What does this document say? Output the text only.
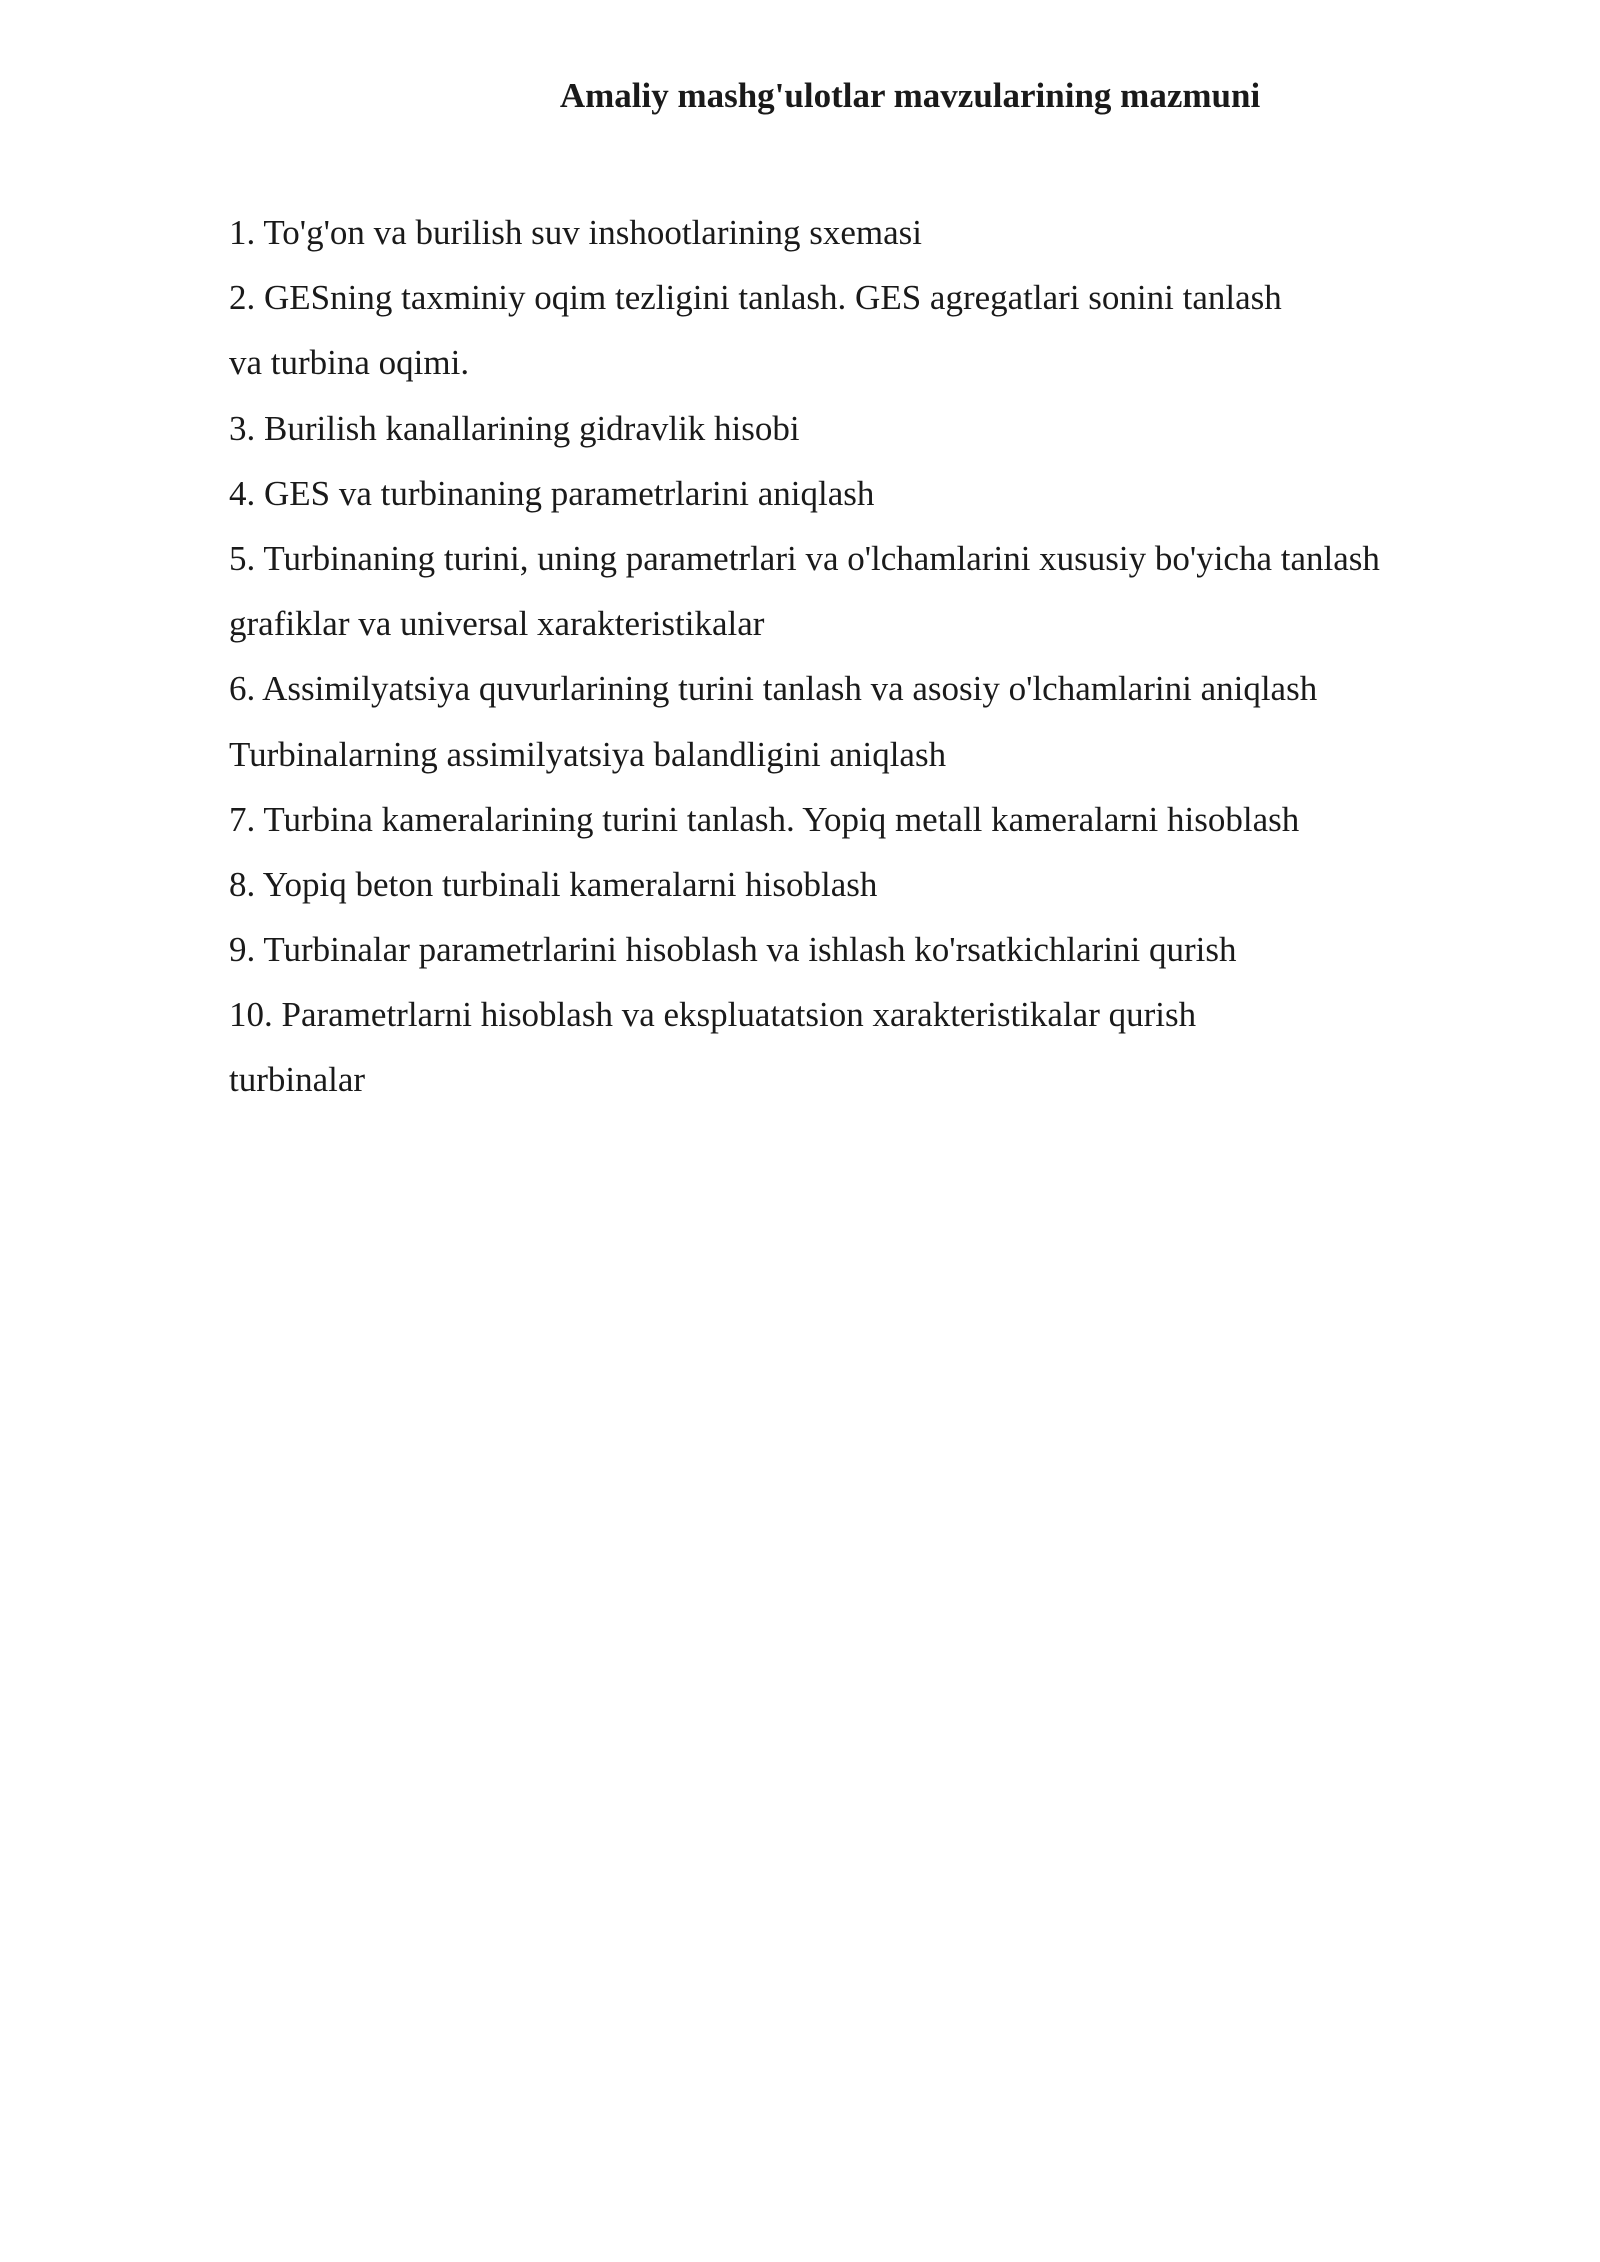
Amaliy mashg'ulotlar mavzularining mazmuni
1. To'g'on va burilish suv inshootlarining sxemasi
2. GESning taxminiy oqim tezligini tanlash. GES agregatlari sonini tanlash
va turbina oqimi.
3. Burilish kanallarining gidravlik hisobi
4. GES va turbinaning parametrlarini aniqlash
5. Turbinaning turini, uning parametrlari va o'lchamlarini xususiy bo'yicha tanlash
grafiklar va universal xarakteristikalar
6. Assimilyatsiya quvurlarining turini tanlash va asosiy o'lchamlarini aniqlash
Turbinalarning assimilyatsiya balandligini aniqlash
7. Turbina kameralarining turini tanlash. Yopiq metall kameralarni hisoblash
8. Yopiq beton turbinali kameralarni hisoblash
9. Turbinalar parametrlarini hisoblash va ishlash ko'rsatkichlarini qurish
10. Parametrlarni hisoblash va ekspluatatsion xarakteristikalar qurish
turbinalar
